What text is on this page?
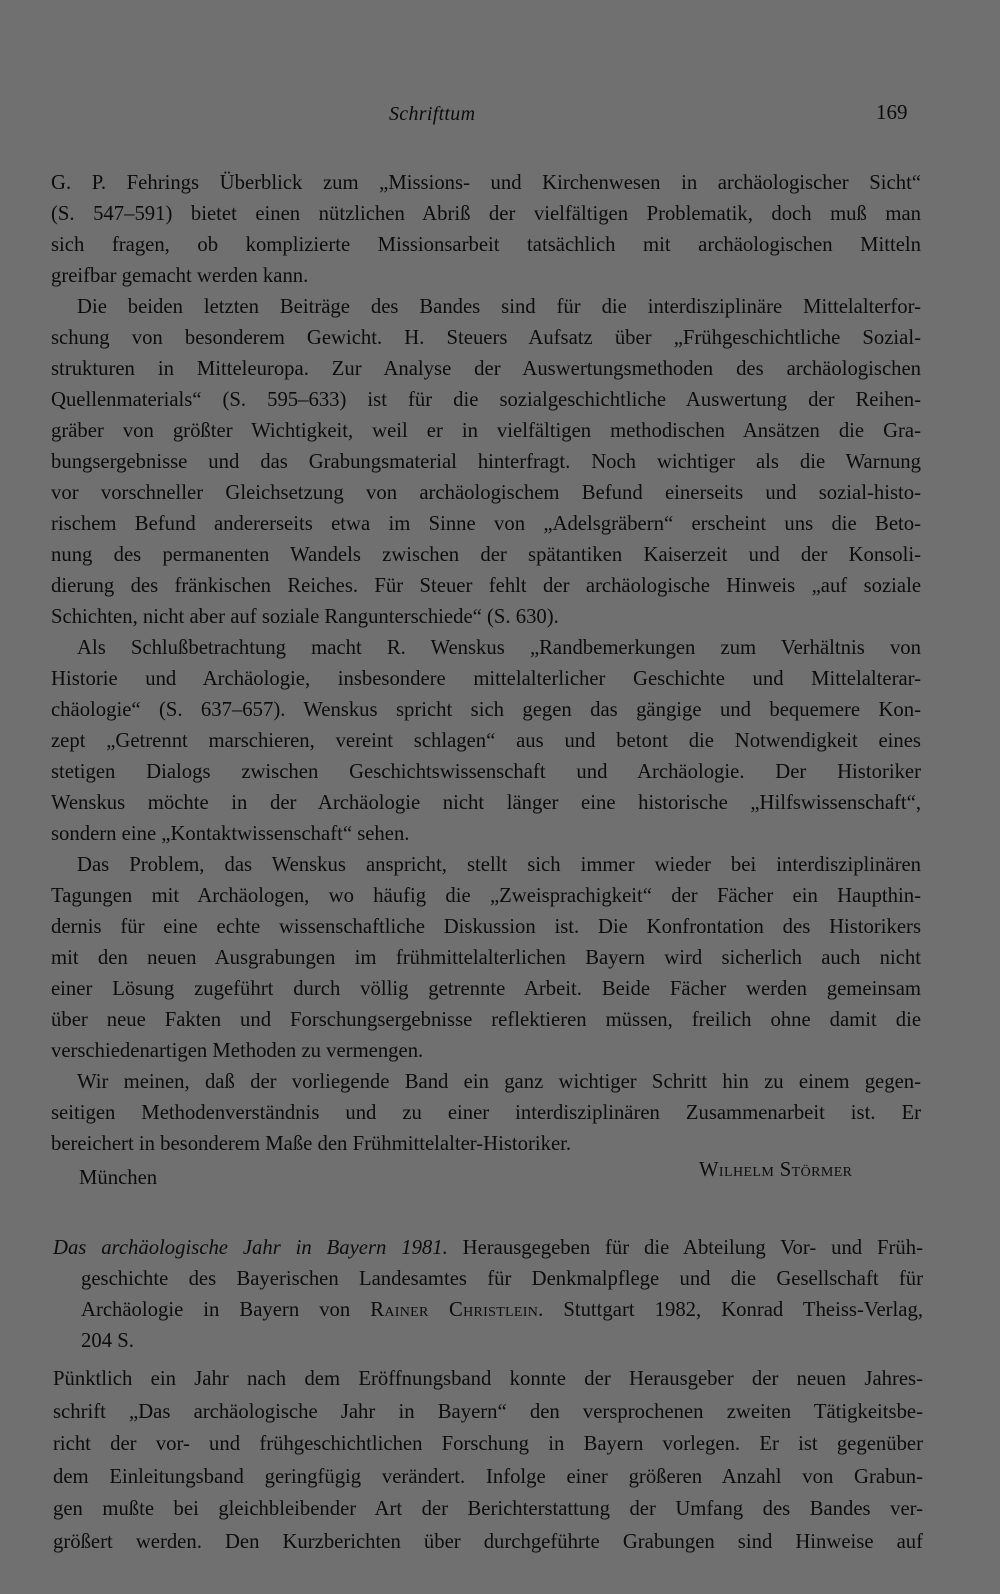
Schrifttum	169
G. P. Fehrings Überblick zum „Missions- und Kirchenwesen in archäologischer Sicht“
(S. 547–591) bietet einen nützlichen Abriß der vielfältigen Problematik, doch muß man
sich fragen, ob komplizierte Missionsarbeit tatsächlich mit archäologischen Mitteln
greifbar gemacht werden kann.
Die beiden letzten Beiträge des Bandes sind für die interdisziplinäre Mittelalterfor-
schung von besonderem Gewicht. H. Steuers Aufsatz über „Frühgeschichtliche Sozial-
strukturen in Mitteleuropa. Zur Analyse der Auswertungsmethoden des archäologischen
Quellenmaterials“ (S. 595–633) ist für die sozialgeschichtliche Auswertung der Reihen-
gräber von größter Wichtigkeit, weil er in vielfältigen methodischen Ansätzen die Gra-
bungsergebnisse und das Grabungsmaterial hinterfragt. Noch wichtiger als die Warnung
vor vorschneller Gleichsetzung von archäologischem Befund einerseits und sozial-histo-
rischem Befund andererseits etwa im Sinne von „Adelsgräbern“ erscheint uns die Beto-
nung des permanenten Wandels zwischen der spätantiken Kaiserzeit und der Konsoli-
dierung des fränkischen Reiches. Für Steuer fehlt der archäologische Hinweis „auf soziale
Schichten, nicht aber auf soziale Rangunterschiede“ (S. 630).
Als Schlußbetrachtung macht R. Wenskus „Randbemerkungen zum Verhältnis von
Historie und Archäologie, insbesondere mittelalterlicher Geschichte und Mittelalterar-
chäologie“ (S. 637–657). Wenskus spricht sich gegen das gängige und bequemere Kon-
zept „Getrennt marschieren, vereint schlagen“ aus und betont die Notwendigkeit eines
stetigen Dialogs zwischen Geschichtswissenschaft und Archäologie. Der Historiker
Wenskus möchte in der Archäologie nicht länger eine historische „Hilfswissenschaft“,
sondern eine „Kontaktwissenschaft“ sehen.
Das Problem, das Wenskus anspricht, stellt sich immer wieder bei interdisziplinären
Tagungen mit Archäologen, wo häufig die „Zweisprachigkeit“ der Fächer ein Haupthin-
dernis für eine echte wissenschaftliche Diskussion ist. Die Konfrontation des Historikers
mit den neuen Ausgrabungen im frühmittelalterlichen Bayern wird sicherlich auch nicht
einer Lösung zugeführt durch völlig getrennte Arbeit. Beide Fächer werden gemeinsam
über neue Fakten und Forschungsergebnisse reflektieren müssen, freilich ohne damit die
verschiedenartigen Methoden zu vermengen.
Wir meinen, daß der vorliegende Band ein ganz wichtiger Schritt hin zu einem gegen-
seitigen Methodenverständnis und zu einer interdisziplinären Zusammenarbeit ist. Er
bereichert in besonderem Maße den Frühmittelalter-Historiker.
München	Wilhelm Störmer
Das archäologische Jahr in Bayern 1981. Herausgegeben für die Abteilung Vor- und Früh-
geschichte des Bayerischen Landesamtes für Denkmalpflege und die Gesellschaft für
Archäologie in Bayern von Rainer Christlein. Stuttgart 1982, Konrad Theiss-Verlag,
204 S.
Pünktlich ein Jahr nach dem Eröffnungsband konnte der Herausgeber der neuen Jahres-
schrift „Das archäologische Jahr in Bayern“ den versprochenen zweiten Tätigkeitsbe-
richt der vor- und frühgeschichtlichen Forschung in Bayern vorlegen. Er ist gegenüber
dem Einleitungsband geringfügig verändert. Infolge einer größeren Anzahl von Grabun-
gen mußte bei gleichbleibender Art der Berichterstattung der Umfang des Bandes ver-
größert werden. Den Kurzberichten über durchgeführte Grabungen sind Hinweise auf
